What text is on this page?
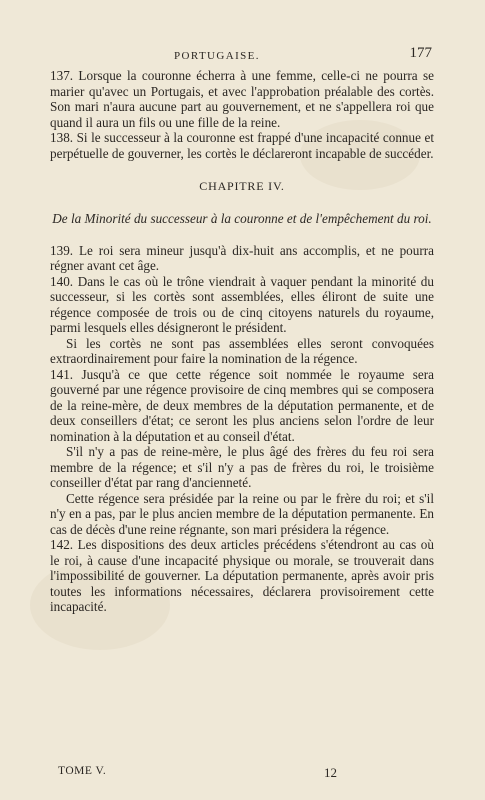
PORTUGAISE.	177

137. Lorsque la couronne écherra à une femme, celle-ci ne pourra se marier qu'avec un Portugais, et avec l'approbation préalable des cortès. Son mari n'aura aucune part au gouvernement, et ne s'appellera roi que quand il aura un fils ou une fille de la reine.

138. Si le successeur à la couronne est frappé d'une incapacité connue et perpétuelle de gouverner, les cortès le déclareront incapable de succéder.

CHAPITRE IV.
De la Minorité du successeur à la couronne et de l'empêchement du roi.

139. Le roi sera mineur jusqu'à dix-huit ans accomplis, et ne pourra régner avant cet âge.

140. Dans le cas où le trône viendrait à vaquer pendant la minorité du successeur, si les cortès sont assemblées, elles éliront de suite une régence composée de trois ou de cinq citoyens naturels du royaume, parmi lesquels elles désigneront le président.

Si les cortès ne sont pas assemblées elles seront convoquées extraordinairement pour faire la nomination de la régence.

141. Jusqu'à ce que cette régence soit nommée le royaume sera gouverné par une régence provisoire de cinq membres qui se composera de la reine-mère, de deux membres de la députation permanente, et de deux conseillers d'état; ce seront les plus anciens selon l'ordre de leur nomination à la députation et au conseil d'état.

S'il n'y a pas de reine-mère, le plus âgé des frères du feu roi sera membre de la régence; et s'il n'y a pas de frères du roi, le troisième conseiller d'état par rang d'ancienneté.

Cette régence sera présidée par la reine ou par le frère du roi; et s'il n'y en a pas, par le plus ancien membre de la députation permanente. En cas de décès d'une reine régnante, son mari présidera la régence.

142. Les dispositions des deux articles précédens s'étendront au cas où le roi, à cause d'une incapacité physique ou morale, se trouverait dans l'impossibilité de gouverner. La députation permanente, après avoir pris toutes les informations nécessaires, déclarera provisoirement cette incapacité.

TOME V.	12
